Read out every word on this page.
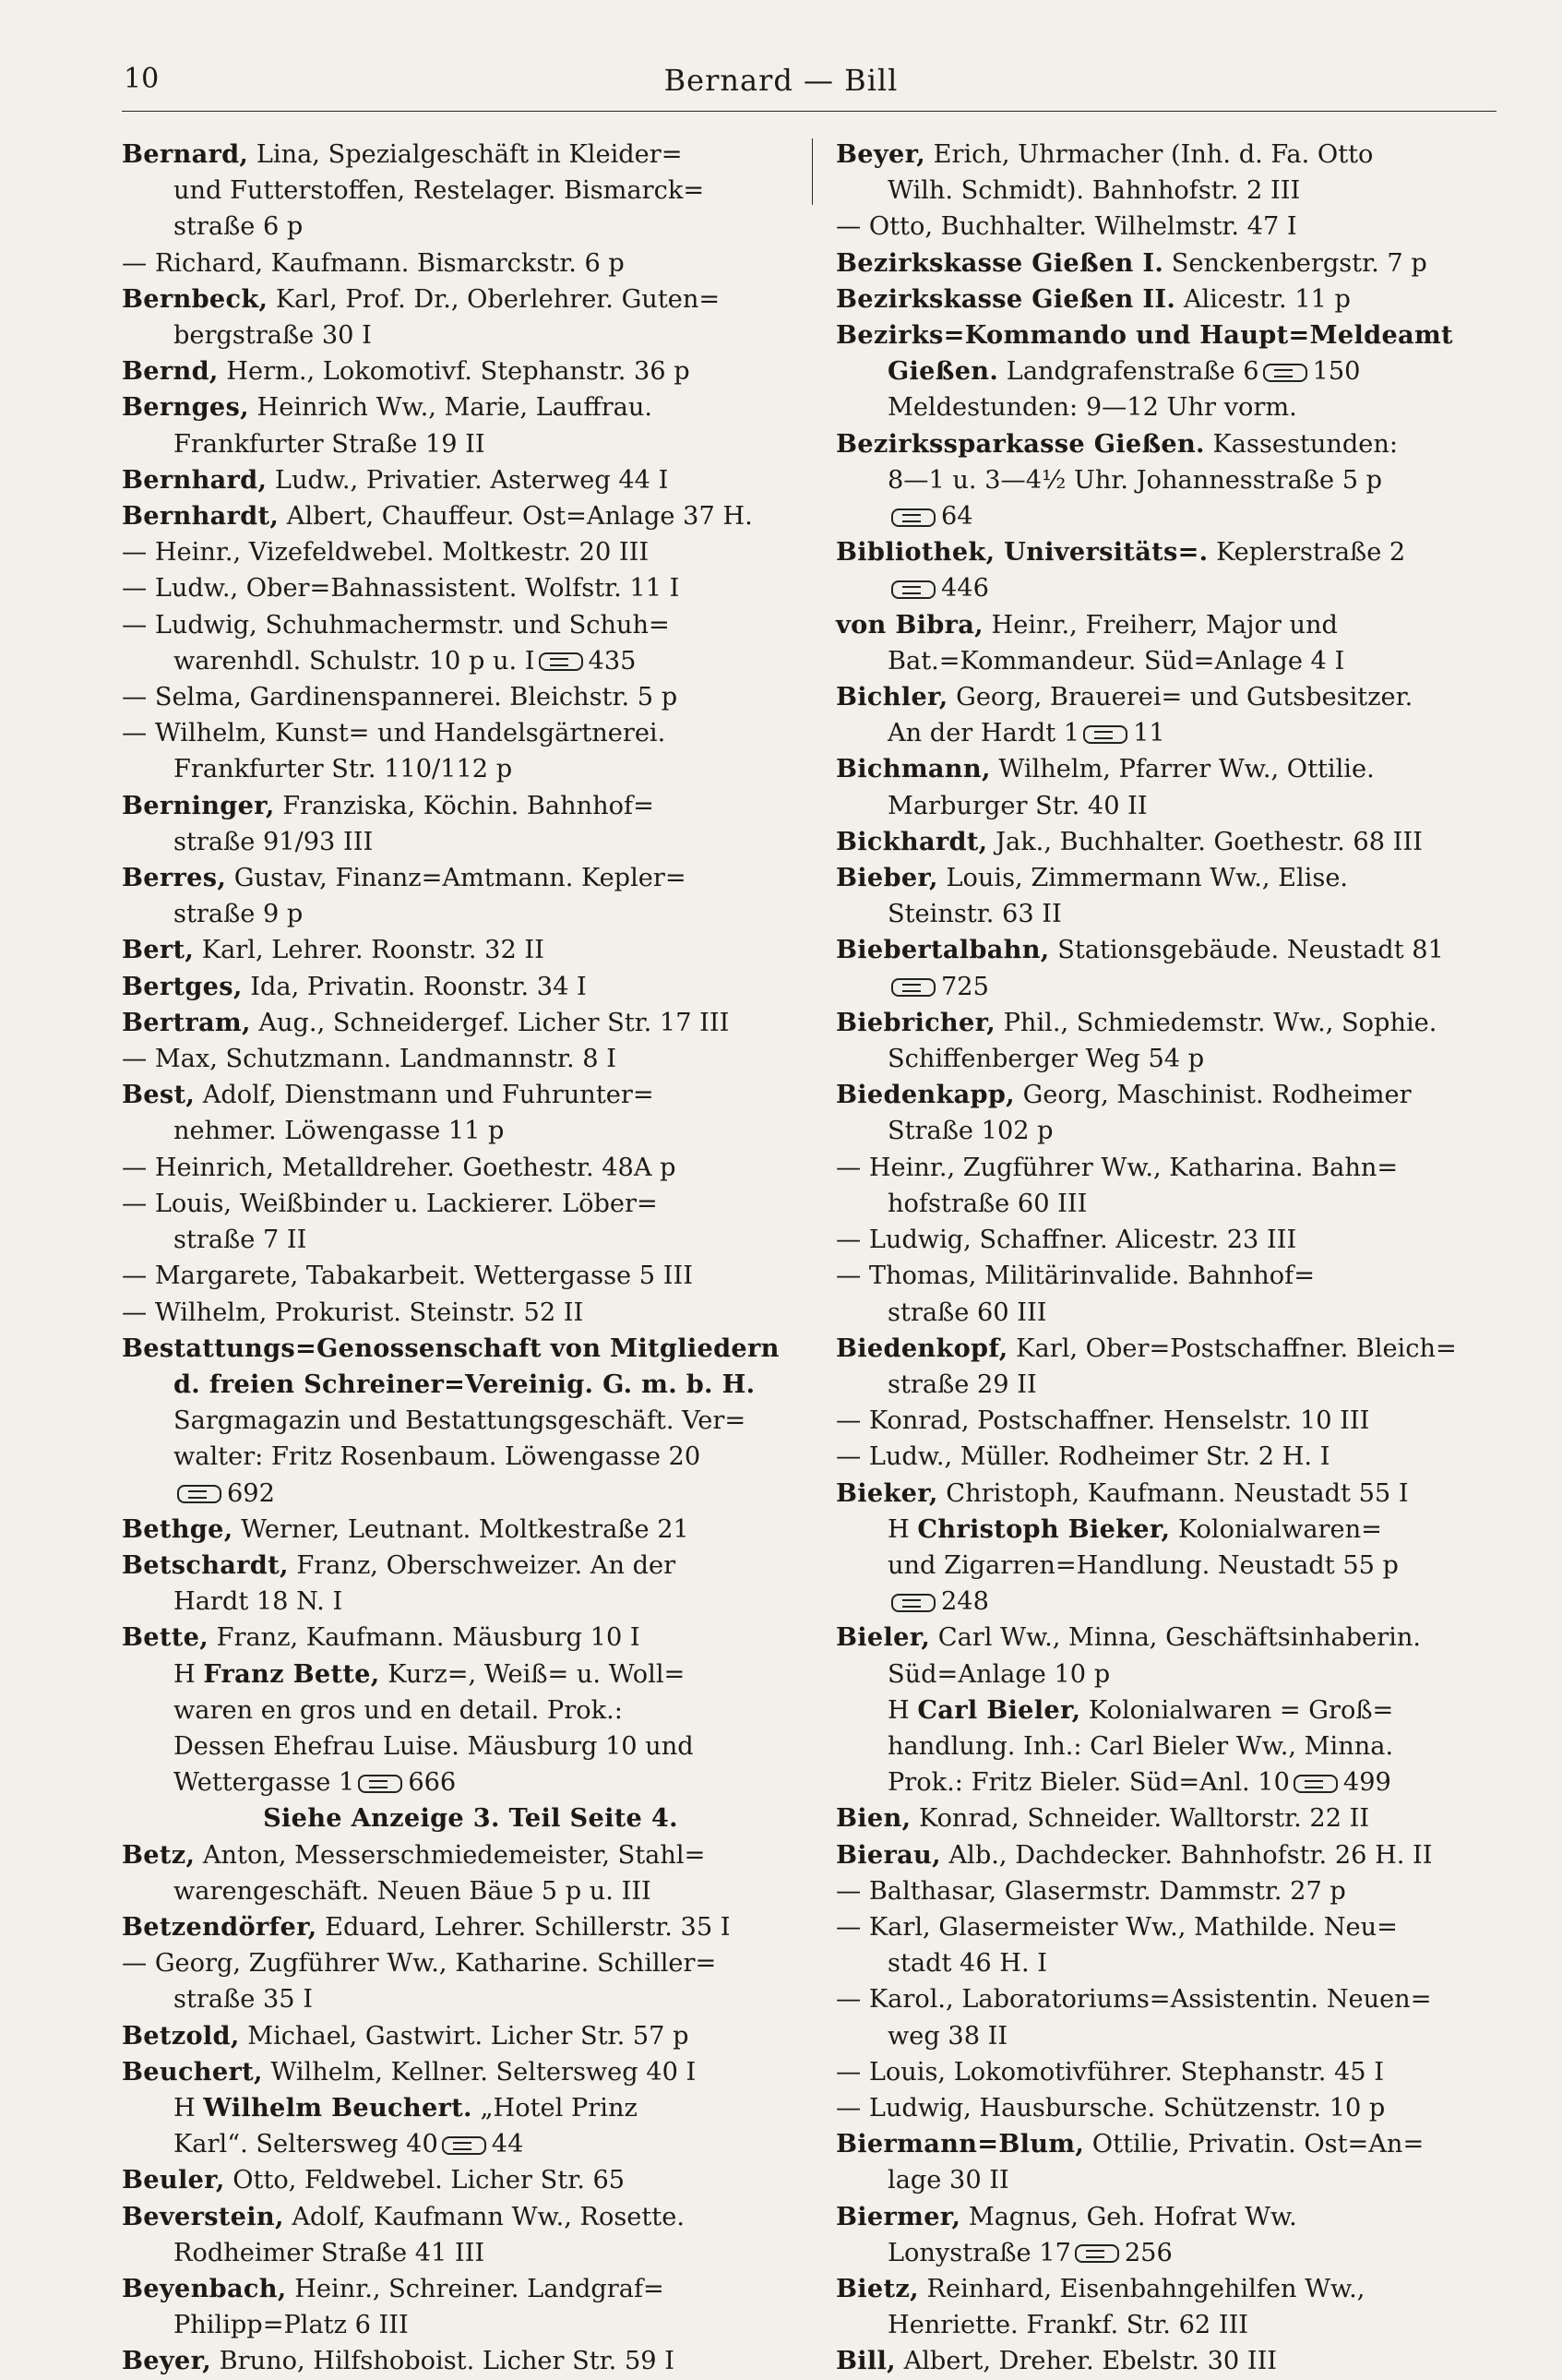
10	Bernard — Bill
Bernard, Lina, Spezialgeschäft in Kleider=
und Futterstoffen, Restelager. Bismarck=
straße 6 p
— Richard, Kaufmann. Bismarckstr. 6 p
Bernbeck, Karl, Prof. Dr., Oberlehrer. Guten=
bergstraße 30 I
Bernd, Herm., Lokomotivf. Stephanstr. 36 p
Bernges, Heinrich Ww., Marie, Lauffrau.
Frankfurter Straße 19 II
Bernhard, Ludw., Privatier. Asterweg 44 I
Bernhardt, Albert, Chauffeur. Ost=Anlage 37 H.
— Heinr., Vizefeldwebel. Moltkestr. 20 III
— Ludw., Ober=Bahnassistent. Wolfstr. 11 I
— Ludwig, Schuhmachermstr. und Schuh=
warenhdl. Schulstr. 10 p u. I 435
— Selma, Gardinenspannerei. Bleichstr. 5 p
— Wilhelm, Kunst= und Handelsgärtnerei.
Frankfurter Str. 110/112 p
Berninger, Franziska, Köchin. Bahnhof=
straße 91/93 III
Berres, Gustav, Finanz=Amtmann. Kepler=
straße 9 p
Bert, Karl, Lehrer. Roonstr. 32 II
Bertges, Ida, Privatin. Roonstr. 34 I
Bertram, Aug., Schneidergef. Licher Str. 17 III
— Max, Schutzmann. Landmannstr. 8 I
Best, Adolf, Dienstmann und Fuhrunter=
nehmer. Löwengasse 11 p
— Heinrich, Metalldreher. Goethestr. 48A p
— Louis, Weißbinder u. Lackierer. Löber=
straße 7 II
— Margarete, Tabakarbeit. Wettergasse 5 III
— Wilhelm, Prokurist. Steinstr. 52 II
Bestattungs=Genossenschaft von Mitgliedern
d. freien Schreiner=Vereinig. G. m. b. H.
Sargmagazin und Bestattungsgeschäft. Ver=
walter: Fritz Rosenbaum. Löwengasse 20
692
Bethge, Werner, Leutnant. Moltkestraße 21
Betschardt, Franz, Oberschweizer. An der
Hardt 18 N. I
Bette, Franz, Kaufmann. Mäusburg 10 I
H Franz Bette, Kurz=, Weiß= u. Woll=
waren en gros und en detail. Prok.:
Dessen Ehefrau Luise. Mäusburg 10 und
Wettergasse 1 666
Siehe Anzeige 3. Teil Seite 4.
Betz, Anton, Messerschmiedemeister, Stahl=
warengeschäft. Neuen Bäue 5 p u. III
Betzendörfer, Eduard, Lehrer. Schillerstr. 35 I
— Georg, Zugführer Ww., Katharine. Schiller=
straße 35 I
Betzold, Michael, Gastwirt. Licher Str. 57 p
Beuchert, Wilhelm, Kellner. Seltersweg 40 I
H Wilhelm Beuchert. „Hotel Prinz
Karl“. Seltersweg 40 44
Beuler, Otto, Feldwebel. Licher Str. 65
Beverstein, Adolf, Kaufmann Ww., Rosette.
Rodheimer Straße 41 III
Beyenbach, Heinr., Schreiner. Landgraf=
Philipp=Platz 6 III
Beyer, Bruno, Hilfshoboist. Licher Str. 59 I
Beyer, Erich, Uhrmacher (Inh. d. Fa. Otto
Wilh. Schmidt). Bahnhofstr. 2 III
— Otto, Buchhalter. Wilhelmstr. 47 I
Bezirkskasse Gießen I. Senckenbergstr. 7 p
Bezirkskasse Gießen II. Alicestr. 11 p
Bezirks=Kommando und Haupt=Meldeamt
Gießen. Landgrafenstraße 6 150
Meldestunden: 9—12 Uhr vorm.
Bezirkssparkasse Gießen. Kassestunden:
8—1 u. 3—4½ Uhr. Johannesstraße 5 p
64
Bibliothek, Universitäts=. Keplerstraße 2
446
von Bibra, Heinr., Freiherr, Major und
Bat.=Kommandeur. Süd=Anlage 4 I
Bichler, Georg, Brauerei= und Gutsbesitzer.
An der Hardt 1 11
Bichmann, Wilhelm, Pfarrer Ww., Ottilie.
Marburger Str. 40 II
Bickhardt, Jak., Buchhalter. Goethestr. 68 III
Bieber, Louis, Zimmermann Ww., Elise.
Steinstr. 63 II
Biebertalbahn, Stationsgebäude. Neustadt 81
725
Biebricher, Phil., Schmiedemstr. Ww., Sophie.
Schiffenberger Weg 54 p
Biedenkapp, Georg, Maschinist. Rodheimer
Straße 102 p
— Heinr., Zugführer Ww., Katharina. Bahn=
hofstraße 60 III
— Ludwig, Schaffner. Alicestr. 23 III
— Thomas, Militärinvalide. Bahnhof=
straße 60 III
Biedenkopf, Karl, Ober=Postschaffner. Bleich=
straße 29 II
— Konrad, Postschaffner. Henselstr. 10 III
— Ludw., Müller. Rodheimer Str. 2 H. I
Bieker, Christoph, Kaufmann. Neustadt 55 I
H Christoph Bieker, Kolonialwaren=
und Zigarren=Handlung. Neustadt 55 p
248
Bieler, Carl Ww., Minna, Geschäftsinhaberin.
Süd=Anlage 10 p
H Carl Bieler, Kolonialwaren = Groß=
handlung. Inh.: Carl Bieler Ww., Minna.
Prok.: Fritz Bieler. Süd=Anl. 10 499
Bien, Konrad, Schneider. Walltorstr. 22 II
Bierau, Alb., Dachdecker. Bahnhofstr. 26 H. II
— Balthasar, Glasermstr. Dammstr. 27 p
— Karl, Glasermeister Ww., Mathilde. Neu=
stadt 46 H. I
— Karol., Laboratoriums=Assistentin. Neuen=
weg 38 II
— Louis, Lokomotivführer. Stephanstr. 45 I
— Ludwig, Hausbursche. Schützenstr. 10 p
Biermann=Blum, Ottilie, Privatin. Ost=An=
lage 30 II
Biermer, Magnus, Geh. Hofrat Ww.
Lonystraße 17 256
Bietz, Reinhard, Eisenbahngehilfen Ww.,
Henriette. Frankf. Str. 62 III
Bill, Albert, Dreher. Ebelstr. 30 III
